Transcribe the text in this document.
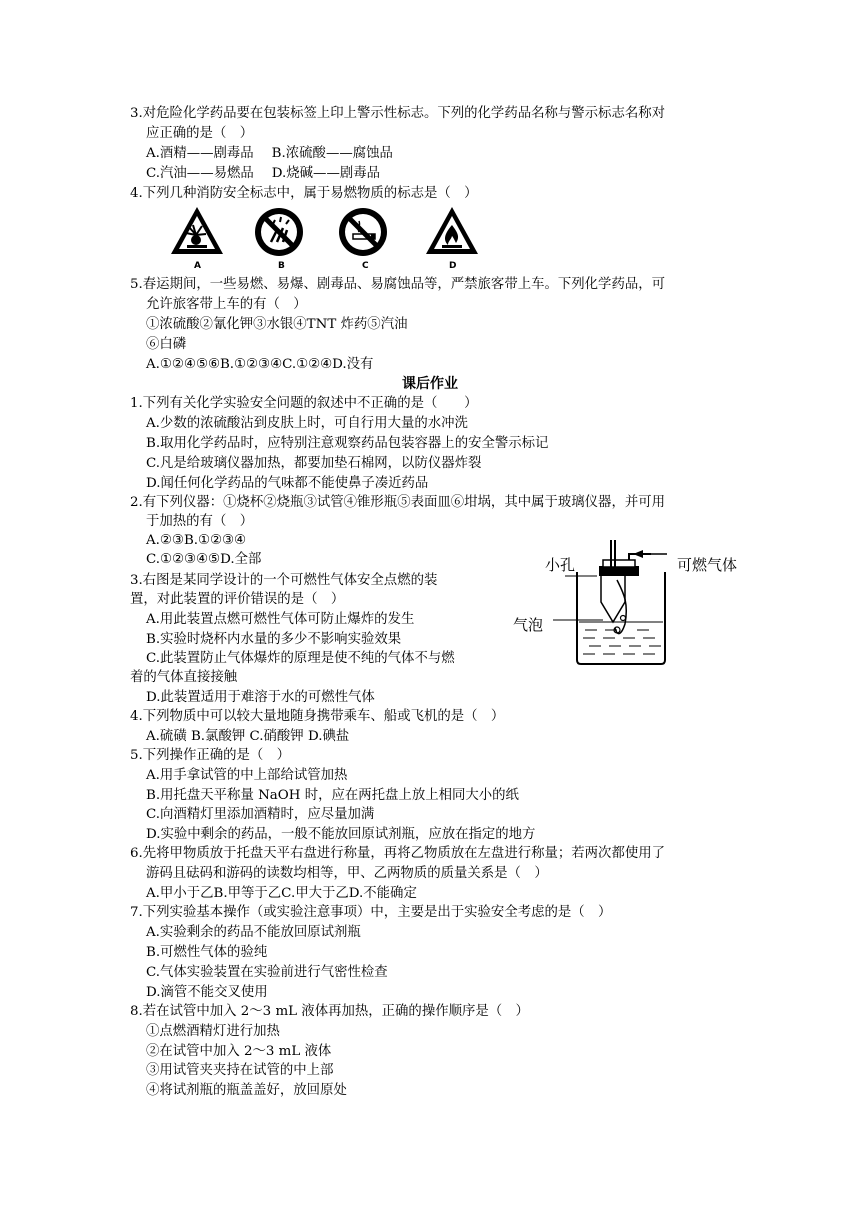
3.对危险化学药品要在包装标签上印上警示性标志。下列的化学药品名称与警示标志名称对
应正确的是（　）
A.酒精——剧毒品 B.浓硫酸——腐蚀品
C.汽油——易燃品 D.烧碱——剧毒品
4.下列几种消防安全标志中，属于易燃物质的标志是（　）
A	B	C	D
5.春运期间，一些易燃、易爆、剧毒品、易腐蚀品等，严禁旅客带上车。下列化学药品，可
允许旅客带上车的有（　）
①浓硫酸②氰化钾③水银④TNT 炸药⑤汽油
⑥白磷
A.①②④⑤⑥B.①②③④C.①②④D.没有
课后作业
1.下列有关化学实验安全问题的叙述中不正确的是（　　）
A.少数的浓硫酸沾到皮肤上时，可自行用大量的水冲洗
B.取用化学药品时，应特别注意观察药品包装容器上的安全警示标记
C.凡是给玻璃仪器加热，都要加垫石棉网，以防仪器炸裂
D.闻任何化学药品的气味都不能使鼻子凑近药品
2.有下列仪器：①烧杯②烧瓶③试管④锥形瓶⑤表面皿⑥坩埚，其中属于玻璃仪器，并可用
于加热的有（　）
A.②③B.①②③④
C.①②③④⑤D.全部
3.右图是某同学设计的一个可燃性气体安全点燃的装
置，对此装置的评价错误的是（　）
A.用此装置点燃可燃性气体可防止爆炸的发生
B.实验时烧杯内水量的多少不影响实验效果
C.此装置防止气体爆炸的原理是使不纯的气体不与燃
着的气体直接接触
D.此装置适用于难溶于水的可燃性气体
小孔	可燃气体
气泡
4.下列物质中可以较大量地随身携带乘车、船或飞机的是（　）
A.硫磺 B.氯酸钾 C.硝酸钾 D.碘盐
5.下列操作正确的是（　）
A.用手拿试管的中上部给试管加热
B.用托盘天平称量 NaOH 时，应在两托盘上放上相同大小的纸
C.向酒精灯里添加酒精时，应尽量加满
D.实验中剩余的药品，一般不能放回原试剂瓶，应放在指定的地方
6.先将甲物质放于托盘天平右盘进行称量，再将乙物质放在左盘进行称量；若两次都使用了
游码且砝码和游码的读数均相等，甲、乙两物质的质量关系是（　）
A.甲小于乙B.甲等于乙C.甲大于乙D.不能确定
7.下列实验基本操作（或实验注意事项）中，主要是出于实验安全考虑的是（　）
A.实验剩余的药品不能放回原试剂瓶
B.可燃性气体的验纯
C.气体实验装置在实验前进行气密性检查
D.滴管不能交叉使用
8.若在试管中加入 2～3 mL 液体再加热，正确的操作顺序是（　）
①点燃酒精灯进行加热
②在试管中加入 2～3 mL 液体
③用试管夹夹持在试管的中上部
④将试剂瓶的瓶盖盖好，放回原处
